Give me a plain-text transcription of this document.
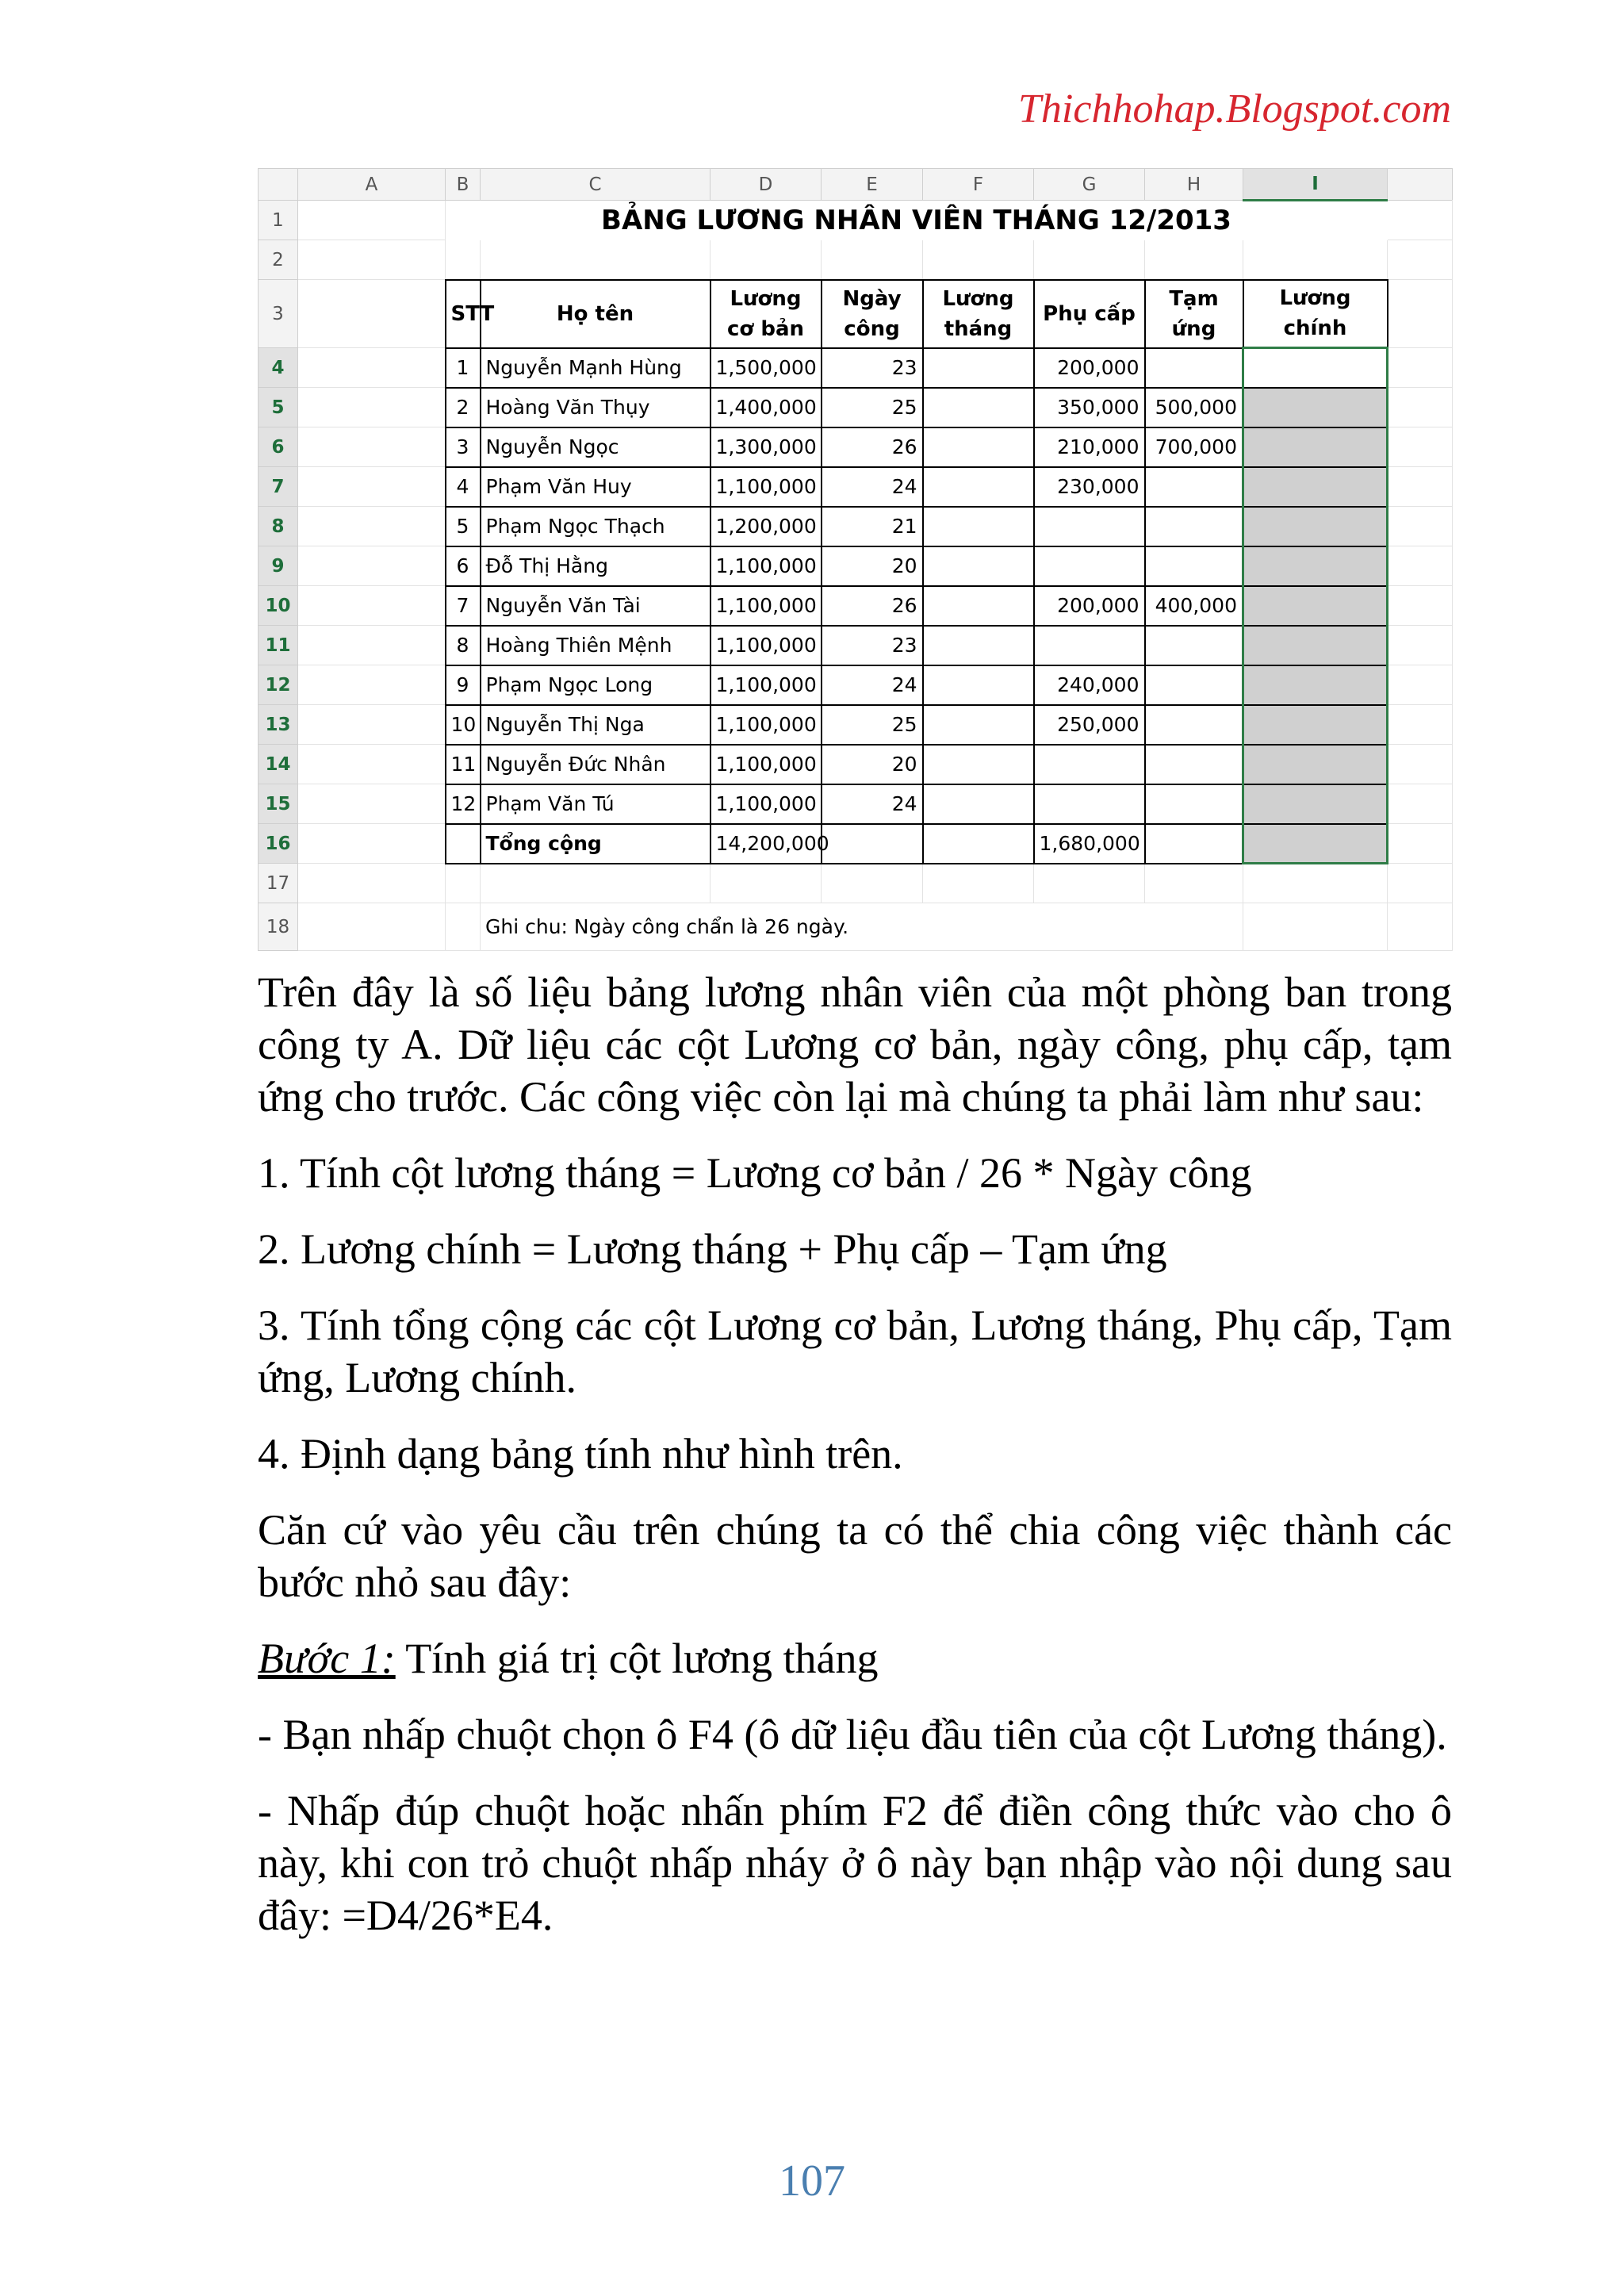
Thichhohap.Blogspot.com
	A	B	C	D	E	F	G	H	I		
1		BẢNG LƯƠNG NHÂN VIÊN THÁNG 12/2013									
2											
3		STT	Họ tên	Lương cơ bản	Ngày công	Lương tháng	Phụ cấp	Tạm ứng	Lương chính		
4		1	Nguyễn Mạnh Hùng	1,500,000	23		200,000				
5		2	Hoàng Văn Thụy	1,400,000	25		350,000	500,000			
6		3	Nguyễn Ngọc	1,300,000	26		210,000	700,000			
7		4	Phạm Văn Huy	1,100,000	24		230,000				
8		5	Phạm Ngọc Thạch	1,200,000	21						
9		6	Đỗ Thị Hằng	1,100,000	20						
10		7	Nguyễn Văn Tài	1,100,000	26		200,000	400,000			
11		8	Hoàng Thiên Mệnh	1,100,000	23						
12		9	Phạm Ngọc Long	1,100,000	24		240,000				
13		10	Nguyễn Thị Nga	1,100,000	25		250,000				
14		11	Nguyễn Đức Nhân	1,100,000	20						
15		12	Phạm Văn Tú	1,100,000	24						
16			Tổng cộng	14,200,000			1,680,000				
17											
18			Ghi chu: Ngày công chẩn là 26 ngày.								

Trên đây là số liệu bảng lương nhân viên của một phòng ban trong công ty A. Dữ liệu các cột Lương cơ bản, ngày công, phụ cấp, tạm ứng cho trước. Các công việc còn lại mà chúng ta phải làm như sau:

1. Tính cột lương tháng = Lương cơ bản / 26 * Ngày công

2. Lương chính = Lương tháng + Phụ cấp – Tạm ứng

3. Tính tổng cộng các cột Lương cơ bản, Lương tháng, Phụ cấp, Tạm ứng, Lương chính.

4. Định dạng bảng tính như hình trên.

Căn cứ vào yêu cầu trên chúng ta có thể chia công việc thành các bước nhỏ sau đây:

Bước 1: Tính giá trị cột lương tháng

- Bạn nhấp chuột chọn ô F4 (ô dữ liệu đầu tiên của cột Lương tháng).

- Nhấp đúp chuột hoặc nhấn phím F2 để điền công thức vào cho ô này, khi con trỏ chuột nhấp nháy ở ô này bạn nhập vào nội dung sau đây: =D4/26*E4.

107
